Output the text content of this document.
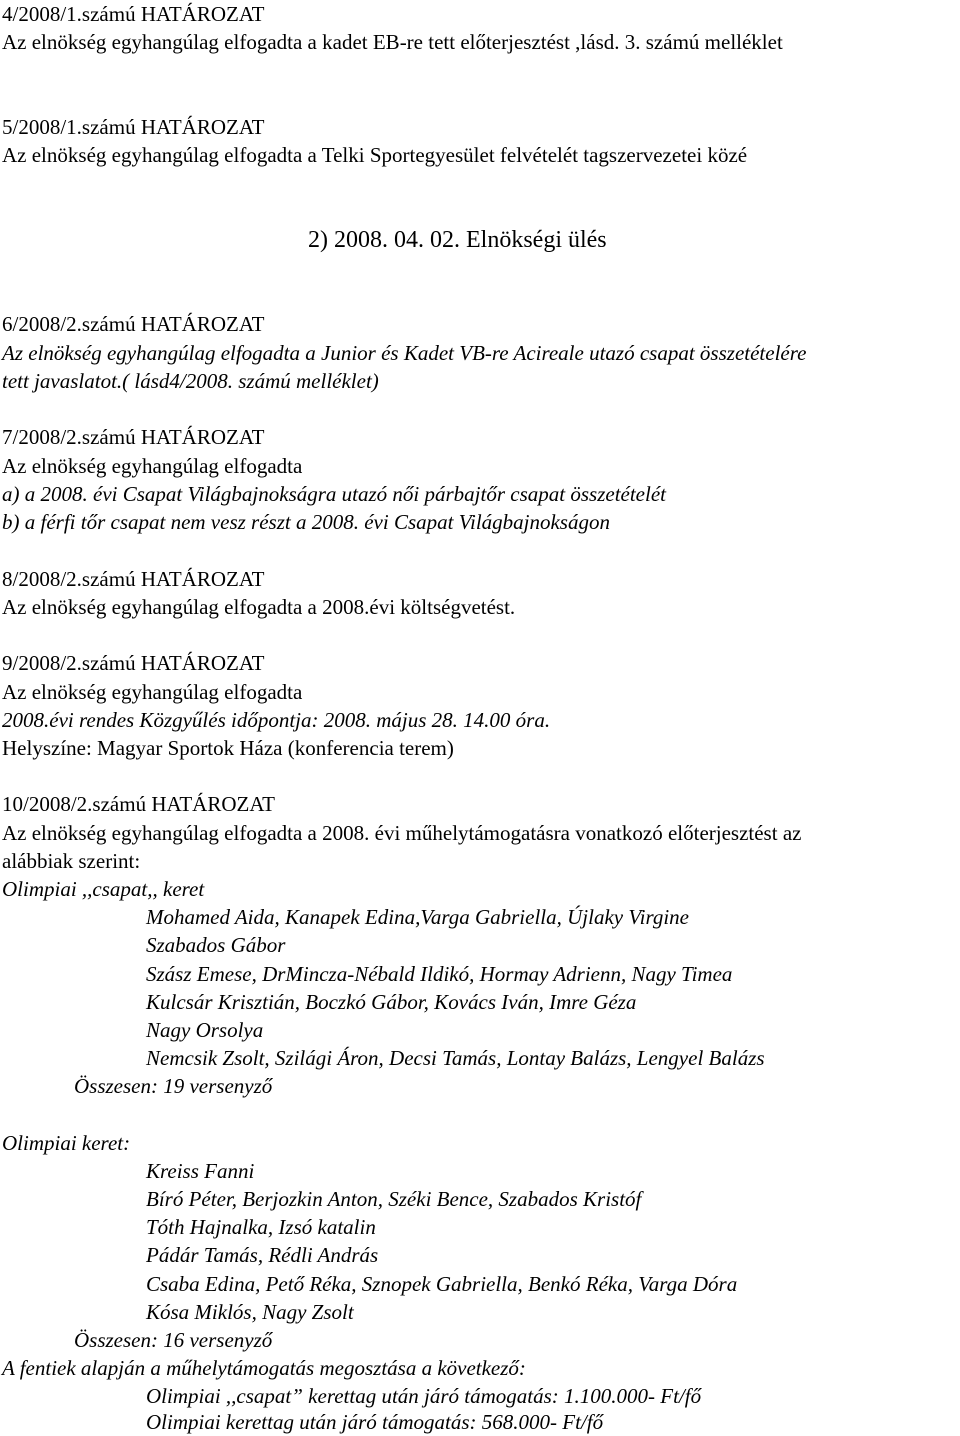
4/2008/1.számú HATÁROZAT
Az elnökség egyhangúlag elfogadta a kadet EB-re tett előterjesztést ,lásd. 3. számú melléklet
5/2008/1.számú HATÁROZAT
Az elnökség egyhangúlag elfogadta a Telki Sportegyesület felvételét tagszervezetei közé
2) 2008. 04. 02. Elnökségi ülés
6/2008/2.számú HATÁROZAT
Az elnökség egyhangúlag elfogadta a Junior és Kadet VB-re Acireale utazó csapat összetételére
tett javaslatot.( lásd4/2008. számú melléklet)
7/2008/2.számú HATÁROZAT
Az elnökség egyhangúlag elfogadta
a) a 2008. évi Csapat Világbajnokságra utazó női párbajtőr csapat összetételét
b) a férfi tőr csapat nem vesz részt a 2008. évi Csapat Világbajnokságon
8/2008/2.számú HATÁROZAT
Az elnökség egyhangúlag elfogadta a 2008.évi költségvetést.
9/2008/2.számú HATÁROZAT
Az elnökség egyhangúlag elfogadta
2008.évi rendes Közgyűlés időpontja: 2008. május 28. 14.00 óra.
Helyszíne: Magyar Sportok Háza (konferencia terem)
10/2008/2.számú HATÁROZAT
Az elnökség egyhangúlag elfogadta a 2008. évi műhelytámogatásra vonatkozó előterjesztést az
alábbiak szerint:
Olimpiai ,,csapat,, keret
Mohamed Aida, Kanapek Edina,Varga Gabriella, Újlaky Virgine
Szabados Gábor
Szász Emese, DrMincza-Nébald Ildikó, Hormay Adrienn, Nagy Timea
Kulcsár Krisztián, Boczkó Gábor, Kovács Iván, Imre Géza
Nagy Orsolya
Nemcsik Zsolt, Szilági Áron, Decsi Tamás, Lontay Balázs, Lengyel Balázs
Összesen: 19 versenyző
Olimpiai keret:
Kreiss Fanni
Bíró Péter, Berjozkin Anton, Széki Bence, Szabados Kristóf
Tóth Hajnalka, Izsó katalin
Pádár Tamás, Rédli András
Csaba Edina, Pető Réka, Sznopek Gabriella, Benkó Réka, Varga Dóra
Kósa Miklós, Nagy Zsolt
Összesen: 16 versenyző
A fentiek alapján a műhelytámogatás megosztása a következő:
Olimpiai ,,csapat” kerettag után járó támogatás: 1.100.000- Ft/fő
Olimpiai kerettag után járó támogatás: 568.000- Ft/fő
